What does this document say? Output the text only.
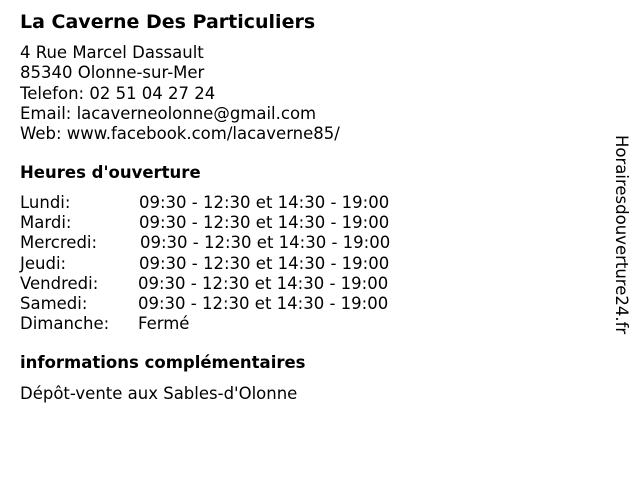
La Caverne Des Particuliers
4 Rue Marcel Dassault
85340 Olonne-sur-Mer
Telefon: 02 51 04 27 24
Email: lacaverneolonne@gmail.com
Web: www.facebook.com/lacaverne85/
Heures d'ouverture
Lundi:	09:30 - 12:30 et 14:30 - 19:00
Mardi:	09:30 - 12:30 et 14:30 - 19:00
Mercredi:	09:30 - 12:30 et 14:30 - 19:00
Jeudi:	09:30 - 12:30 et 14:30 - 19:00
Vendredi: 09:30 - 12:30 et 14:30 - 19:00
Samedi:	09:30 - 12:30 et 14:30 - 19:00
Dimanche: Fermé
informations complémentaires
Dépôt-vente aux Sables-d'Olonne
Horairesdouverture24.fr
